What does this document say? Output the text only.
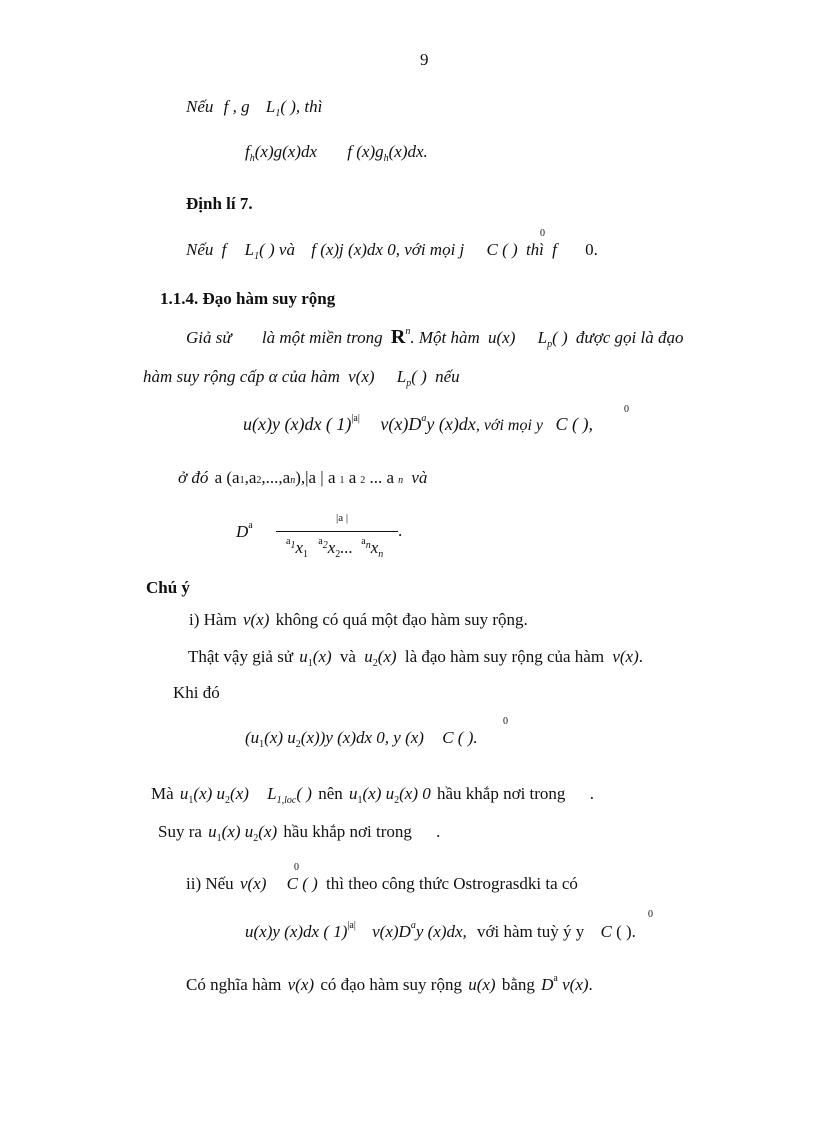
9
Nếu f , g $L_1$( ), thì
$f_h(x)g(x)dx$ f $(x)g_h(x)dx$.
Định lí 7.
0
Nếu f $L_1$( ) và f (x)j (x)dx 0, với mọi j C ( ) thì f 0.
1.1.4. Đạo hàm suy rộng
Giả sử là một miền trong $R^n$. Một hàm u(x) $L_p$( ) được gọi là đạo
hàm suy rộng cấp α của hàm v(x) $L_p$( ) nếu
0
u(x)y (x)dx ( 1)$^{|a|}$ $v(x)D^ay$ (x)dx, với mọi y C ( ),
ở đó a (a1,a2,...,an),|a | a 1 a 2 ... a n và
$D^a$
|a |
.
$^{a1}x_1$ $^{a2}x_2$... $^{an}x_n$
Chú ý
i) Hàm v(x) không có quá một đạo hàm suy rộng.
Thật vậy giả sử $u_1(x)$ và $u_2(x)$ là đạo hàm suy rộng của hàm v(x).
Khi đó
0
($u_1(x)$ $u_2(x))y$ (x)dx 0, y (x) C ( ).
Mà $u_1(x)$ $u_2(x)$ $L_{1,loc}$( ) nên $u_1(x)$ $u_2(x)$ 0 hầu khắp nơi trong .
Suy ra $u_1(x)$ $u_2(x)$ hầu khắp nơi trong .
0
ii) Nếu v(x) C ( ) thì theo công thức Ostrograsdki ta có
0
u(x)y (x)dx ( 1)$^{|a|}$ $v(x)D^ay$ (x)dx, với hàm tuỳ ý y C ( ).
Có nghĩa hàm v(x) có đạo hàm suy rộng u(x) bằng $D^a$ v(x).
